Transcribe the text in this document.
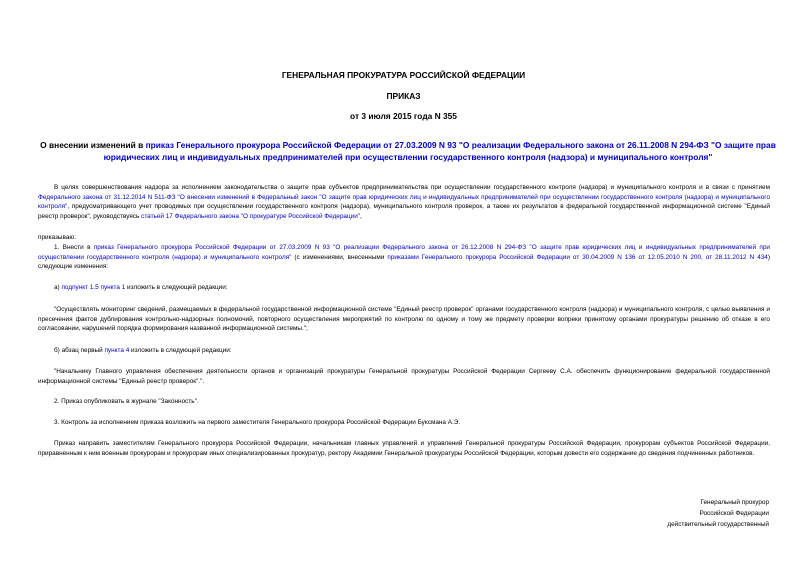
ГЕНЕРАЛЬНАЯ ПРОКУРАТУРА РОССИЙСКОЙ ФЕДЕРАЦИИ
ПРИКАЗ
от 3 июля 2015 года N 355
О внесении изменений в приказ Генерального прокурора Российской Федерации от 27.03.2009 N 93 "О реализации Федерального закона от 26.11.2008 N 294-ФЗ "О защите прав юридических лиц и индивидуальных предпринимателей при осуществлении государственного контроля (надзора) и муниципального контроля"
В целях совершенствования надзора за исполнением законодательства о защите прав субъектов предпринимательства при осуществлении государственного контроля (надзора) и муниципального контроля и в связи с принятием Федерального закона от 31.12.2014 N 511-ФЗ "О внесении изменений в Федеральный закон "О защите прав юридических лиц и индивидуальных предпринимателей при осуществлении государственного контроля (надзора) и муниципального контроля", предусматривающего учет проводимых при осуществлении государственного контроля (надзора), муниципального контроля проверок, а также их результатов в федеральной государственной информационной системе "Единый реестр проверок", руководствуясь статьей 17 Федерального закона "О прокуратуре Российской Федерации",
приказываю:
1. Внести в приказ Генерального прокурора Российской Федерации от 27.03.2009 N 93 "О реализации Федерального закона от 26.12.2008 N 294-ФЗ "О защите прав юридических лиц и индивидуальных предпринимателей при осуществлении государственного контроля (надзора) и муниципального контроля" (с изменениями, внесенными приказами Генерального прокурора Российской Федерации от 30.04.2009 N 136 от 12.05.2010 N 200, от 28.11.2012 N 434) следующие изменения:
а) подпункт 1.5 пункта 1 изложить в следующей редакции:
"Осуществлять мониторинг сведений, размещаемых в федеральной государственной информационной системе "Единый реестр проверок" органами государственного контроля (надзора) и муниципального контроля, с целью выявления и пресечения фактов дублирования контрольно-надзорных полномочий, повторного осуществления мероприятий по контролю по одному и тому же предмету проверки вопреки принятому органами прокуратуры решению об отказе в его согласовании, нарушений порядка формирования названной информационной системы.";
б) абзац первый пункта 4 изложить в следующей редакции:
"Начальнику Главного управления обеспечения деятельности органов и организаций прокуратуры Генеральной прокуратуры Российской Федерации Сергееву С.А. обеспечить функционирование федеральной государственной информационной системы "Единый реестр проверок".".
2. Приказ опубликовать в журнале "Законность".
3. Контроль за исполнением приказа возложить на первого заместителя Генерального прокурора Российской Федерации Буксмана А.Э.
Приказ направить заместителям Генерального прокурора Российской Федерации, начальникам главных управлений и управлений Генеральной прокуратуры Российской Федерации, прокурорам субъектов Российской Федерации, приравненным к ним военным прокурорам и прокурорам иных специализированных прокуратур, ректору Академии Генеральной прокуратуры Российской Федерации, которым довести его содержание до сведения подчиненных работников.
Генеральный прокурор
Российской Федерации
действительный государственный
